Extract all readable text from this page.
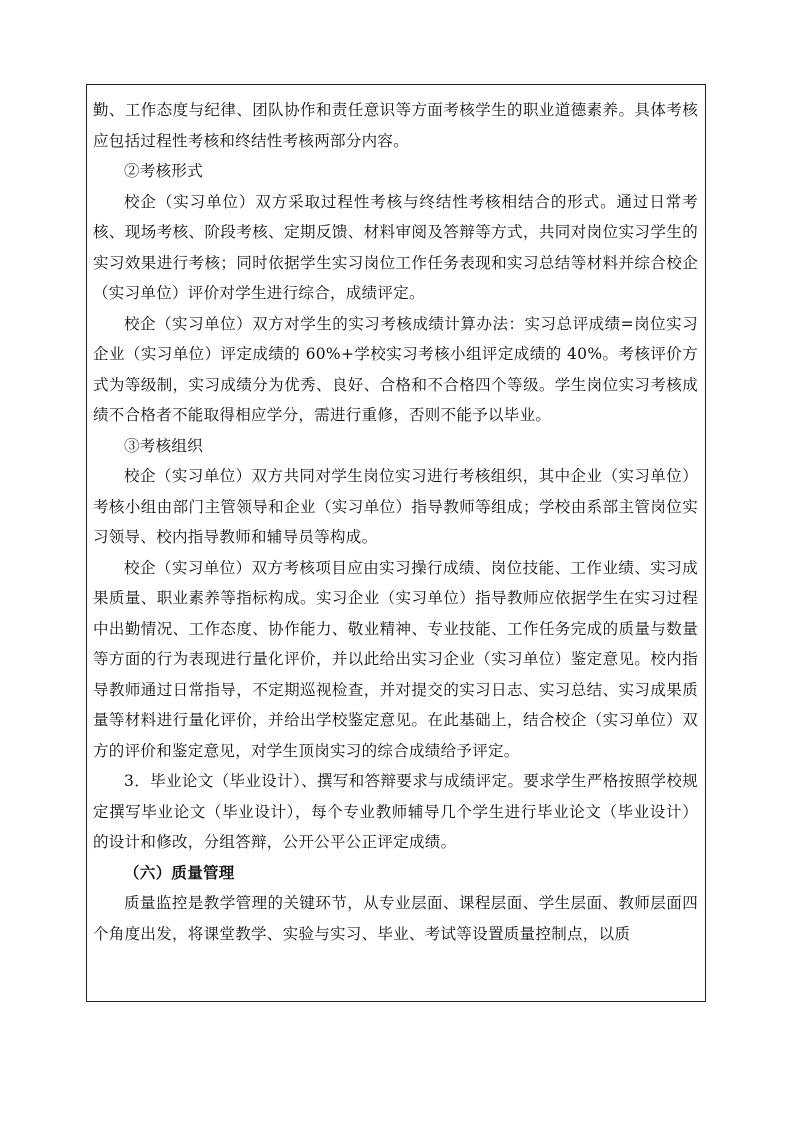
勤、工作态度与纪律、团队协作和责任意识等方面考核学生的职业道德素养。具体考核应包括过程性考核和终结性考核两部分内容。

②考核形式

校企（实习单位）双方采取过程性考核与终结性考核相结合的形式。通过日常考核、现场考核、阶段考核、定期反馈、材料审阅及答辩等方式，共同对岗位实习学生的实习效果进行考核；同时依据学生实习岗位工作任务表现和实习总结等材料并综合校企（实习单位）评价对学生进行综合，成绩评定。

校企（实习单位）双方对学生的实习考核成绩计算办法：实习总评成绩=岗位实习企业（实习单位）评定成绩的 60%+学校实习考核小组评定成绩的 40%。考核评价方式为等级制，实习成绩分为优秀、良好、合格和不合格四个等级。学生岗位实习考核成绩不合格者不能取得相应学分，需进行重修，否则不能予以毕业。

③考核组织

校企（实习单位）双方共同对学生岗位实习进行考核组织，其中企业（实习单位）考核小组由部门主管领导和企业（实习单位）指导教师等组成；学校由系部主管岗位实习领导、校内指导教师和辅导员等构成。

校企（实习单位）双方考核项目应由实习操行成绩、岗位技能、工作业绩、实习成果质量、职业素养等指标构成。实习企业（实习单位）指导教师应依据学生在实习过程中出勤情况、工作态度、协作能力、敬业精神、专业技能、工作任务完成的质量与数量等方面的行为表现进行量化评价，并以此给出实习企业（实习单位）鉴定意见。校内指导教师通过日常指导，不定期巡视检查，并对提交的实习日志、实习总结、实习成果质量等材料进行量化评价，并给出学校鉴定意见。在此基础上，结合校企（实习单位）双方的评价和鉴定意见，对学生顶岗实习的综合成绩给予评定。

3．毕业论文（毕业设计）、撰写和答辩要求与成绩评定。要求学生严格按照学校规定撰写毕业论文（毕业设计），每个专业教师辅导几个学生进行毕业论文（毕业设计）的设计和修改，分组答辩，公开公平公正评定成绩。

（六）质量管理

质量监控是教学管理的关键环节，从专业层面、课程层面、学生层面、教师层面四个角度出发，将课堂教学、实验与实习、毕业、考试等设置质量控制点，以质
